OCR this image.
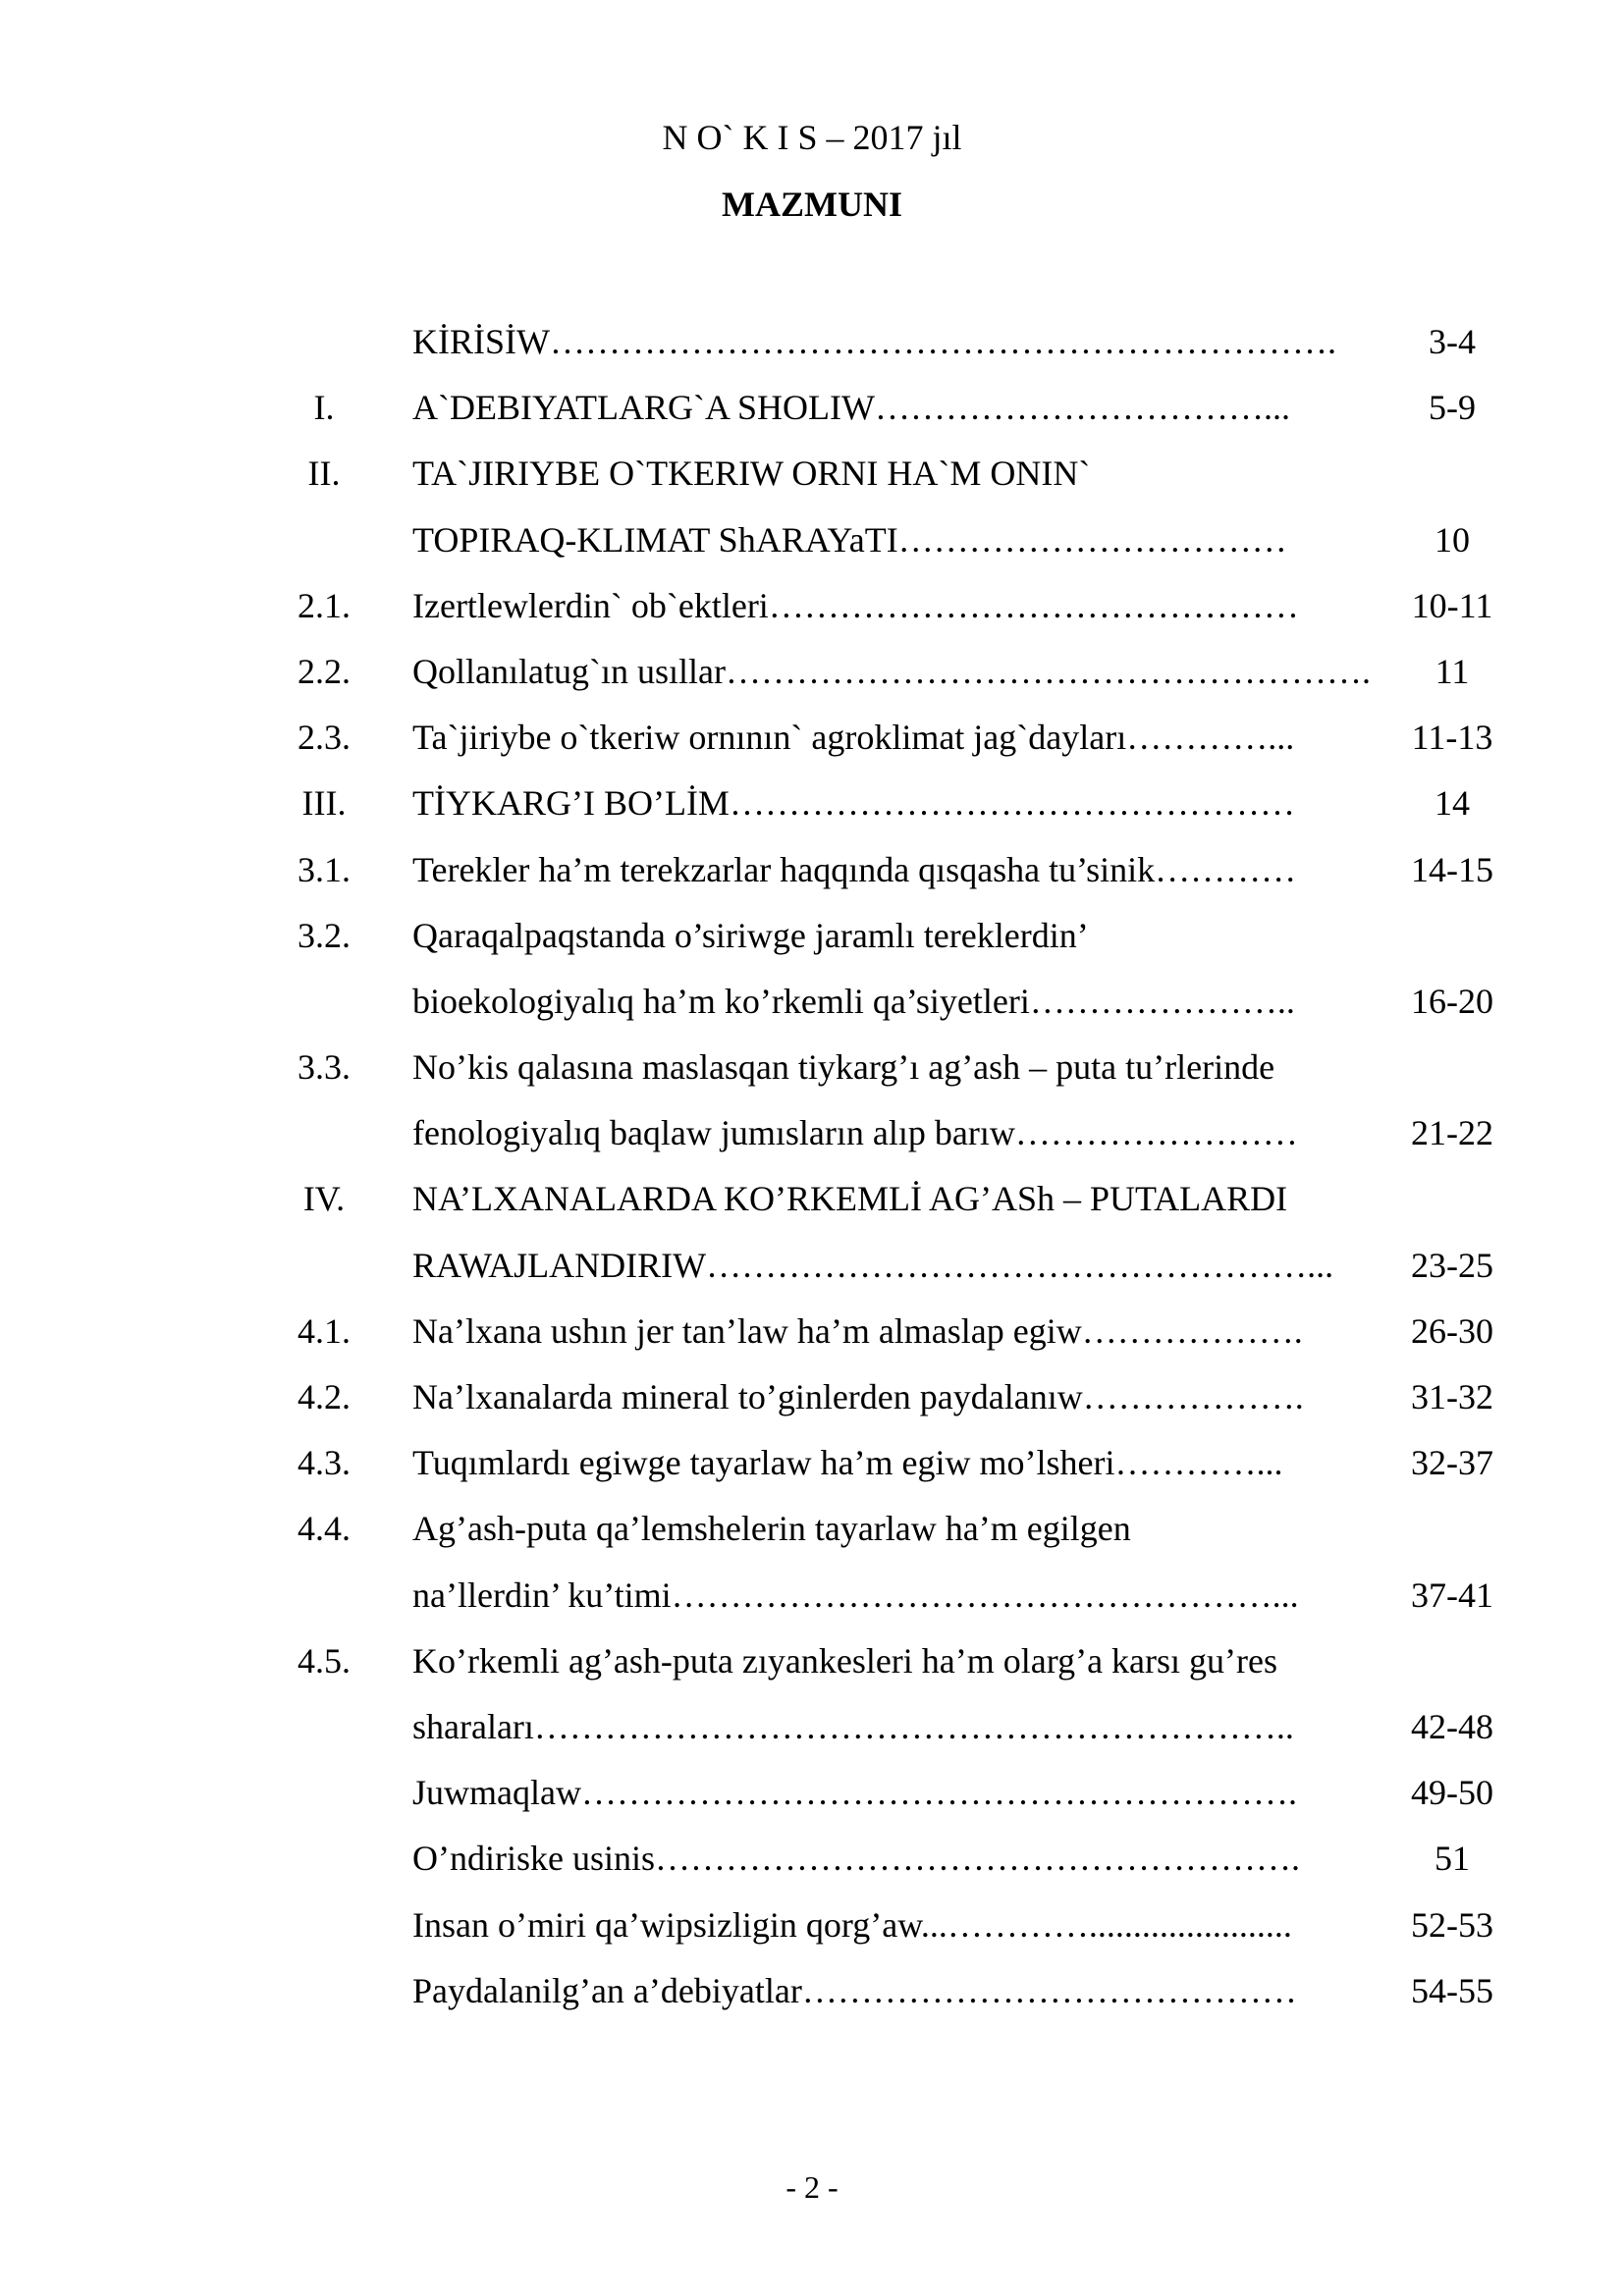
N O` K I S – 2017 jıl
MAZMUNI
KİRİSİW………………………………………………………….	3-4
I.	A`DEBIYATLARG`A SHOLIW……………………………...	5-9
II.	TA`JIRIYBE O`TKERIW ORNI HA`M ONIN`
TOPIRAQ-KLIMAT ShARAYaTI……………………………	10
2.1.	Izertlewlerdin` ob`ektleri………………………………………	10-11
2.2.	Qollanılatug`ın usıllar……………………………………………….	11
2.3.	Ta`jiriybe o`tkeriw ornının` agroklimat jag`dayları…………...	11-13
III.	TİYKARG’I BO’LİM…………………………………………	14
3.1.	Terekler ha’m terekzarlar haqqında qısqasha tu’sinik…………	14-15
3.2.	Qaraqalpaqstanda o’siriwge jaramlı tereklerdin’
bioekologiyalıq ha’m ko’rkemli qa’siyetleri…………………..	16-20
3.3.	No’kis qalasına maslasqan tiykarg’ı ag’ash – puta tu’rlerinde
fenologiyalıq baqlaw jumısların alıp barıw……………………	21-22
IV.	NA’LXANALARDA KO’RKEMLİ AG’ASh – PUTALARDI
RAWAJLANDIRIW……………………………………………...	23-25
4.1.	Na’lxana ushın jer tan’law ha’m almaslap egiw……………….	26-30
4.2.	Na’lxanalarda mineral to’ginlerden paydalanıw……………….	31-32
4.3.	Tuqımlardı egiwge tayarlaw ha’m egiw mo’lsheri…………...	32-37
4.4.	Ag’ash-puta qa’lemshelerin tayarlaw ha’m egilgen
na’llerdin’ ku’timi……………………………………………...	37-41
4.5.	Ko’rkemli ag’ash-puta zıyankesleri ha’m olarg’a karsı gu’res
sharaları………………………………………………………..	42-48
Juwmaqlaw…………………………………………………….	49-50
O’ndiriske usinis……………………………………………….	51
Insan o’miri qa’wipsizligin qorg’aw...………….......................	52-53
Paydalanilg’an a’debiyatlar……………………………………	54-55
- 2 -
